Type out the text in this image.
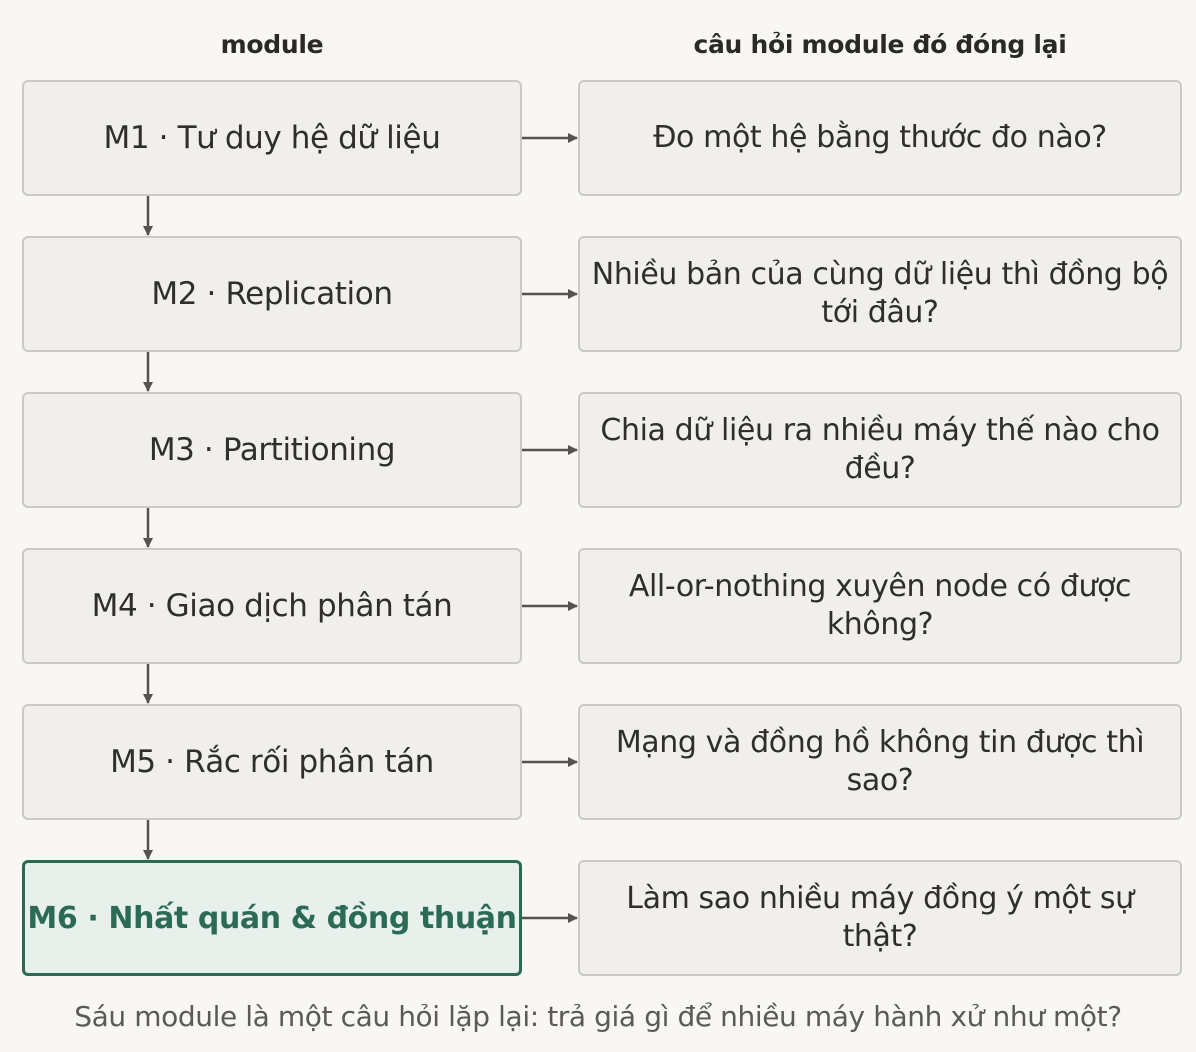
module	câu hỏi module đó đóng lại
M1 · Tư duy hệ dữ liệu	Đo một hệ bằng thước đo nào?
M2 · Replication
Nhiều bản của cùng dữ liệu thì đồng bộ tới đâu?
M3 · Partitioning
Chia dữ liệu ra nhiều máy thế nào cho đều?
M4 · Giao dịch phân tán
All-or-nothing xuyên node có được không?
M5 · Rắc rối phân tán
Mạng và đồng hồ không tin được thì sao?
M6 · Nhất quán & đồng thuận
Làm sao nhiều máy đồng ý một sự thật?
Sáu module là một câu hỏi lặp lại: trả giá gì để nhiều máy hành xử như một?
